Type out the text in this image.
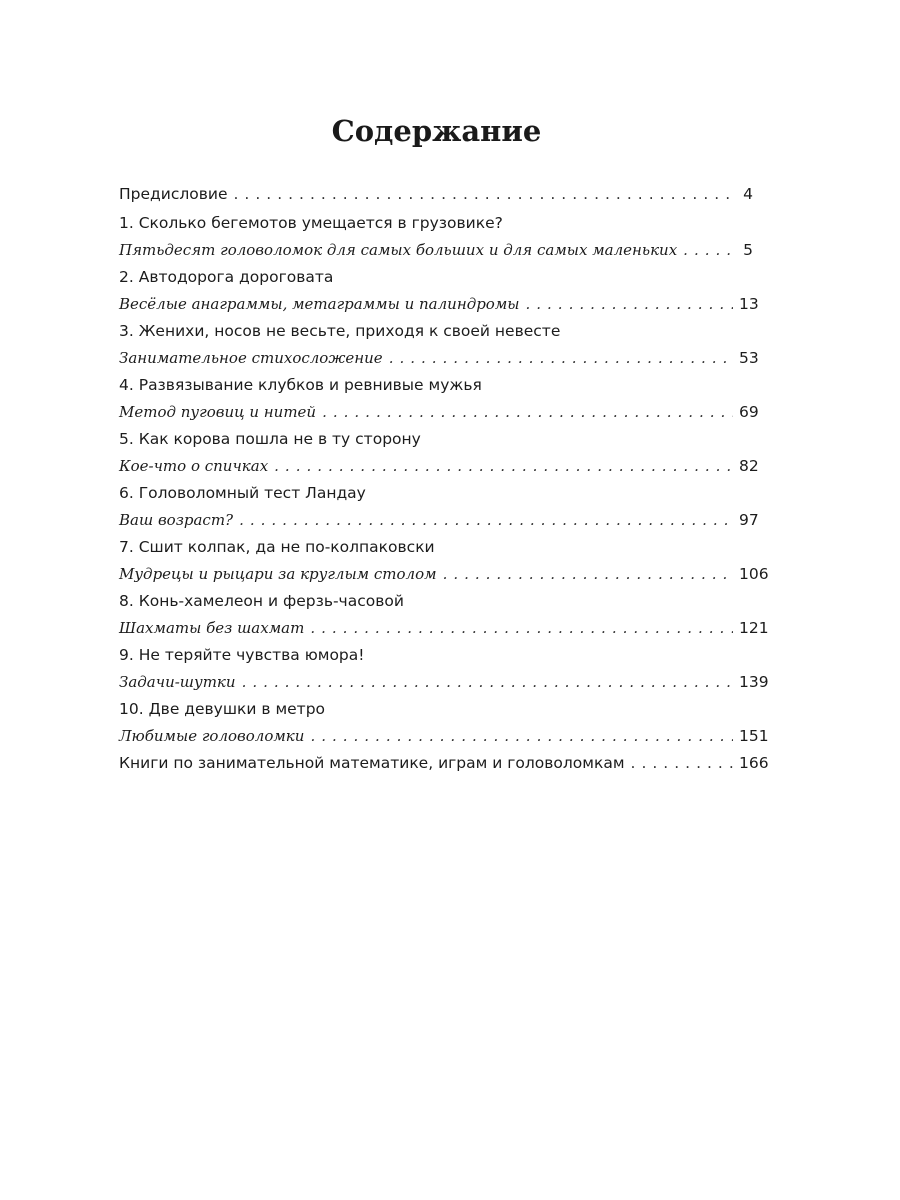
Содержание
Предисловие .....	4
1. Сколько бегемотов умещается в грузовике?
Пятьдесят головоломок для самых больших и для самых маленьких .....	5
2. Автодорога дороговата
Весёлые анаграммы, метаграммы и палиндромы .....	13
3. Женихи, носов не весьте, приходя к своей невесте
Занимательное стихосложение .....	53
4. Развязывание клубков и ревнивые мужья
Метод пуговиц и нитей .....	69
5. Как корова пошла не в ту сторону
Кое-что о спичках .....	82
6. Головоломный тест Ландау
Ваш возраст? .....	97
7. Сшит колпак, да не по-колпаковски
Мудрецы и рыцари за круглым столом .....	106
8. Конь-хамелеон и ферзь-часовой
Шахматы без шахмат .....	121
9. Не теряйте чувства юмора!
Задачи-шутки .....	139
10. Две девушки в метро
Любимые головоломки .....	151
Книги по занимательной математике, играм и головоломкам .....	166
